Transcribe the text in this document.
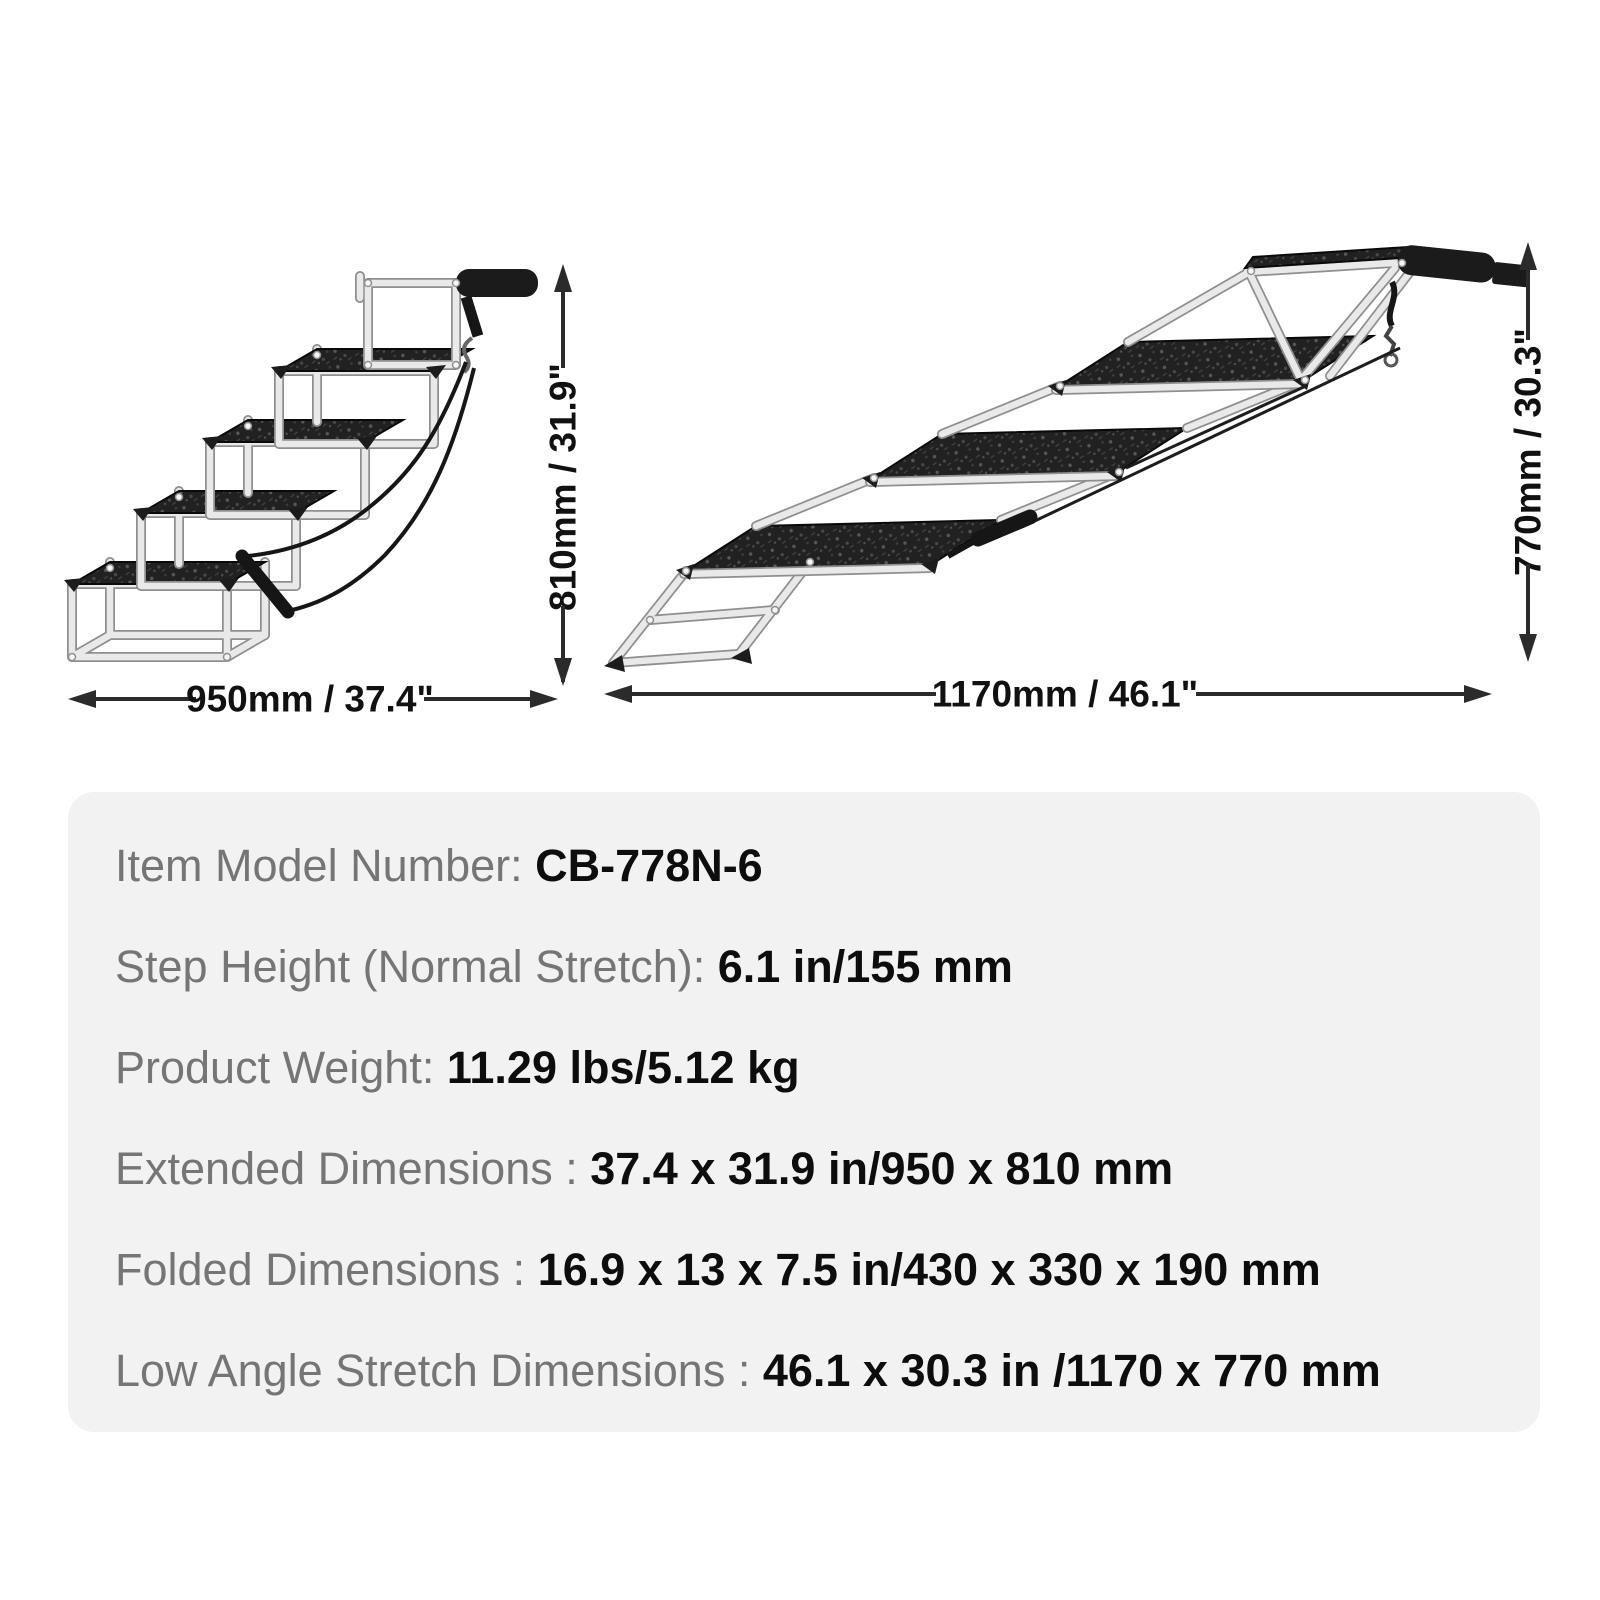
810mm / 31.9"
950mm / 37.4"
770mm / 30.3"
1170mm / 46.1"
Item Model Number: CB-778N-6
Step Height (Normal Stretch): 6.1 in/155 mm
Product Weight: 11.29 lbs/5.12 kg
Extended Dimensions : 37.4 x 31.9 in/950 x 810 mm
Folded Dimensions : 16.9 x 13 x 7.5 in/430 x 330 x 190 mm
Low Angle Stretch Dimensions : 46.1 x 30.3 in /1170 x 770 mm
